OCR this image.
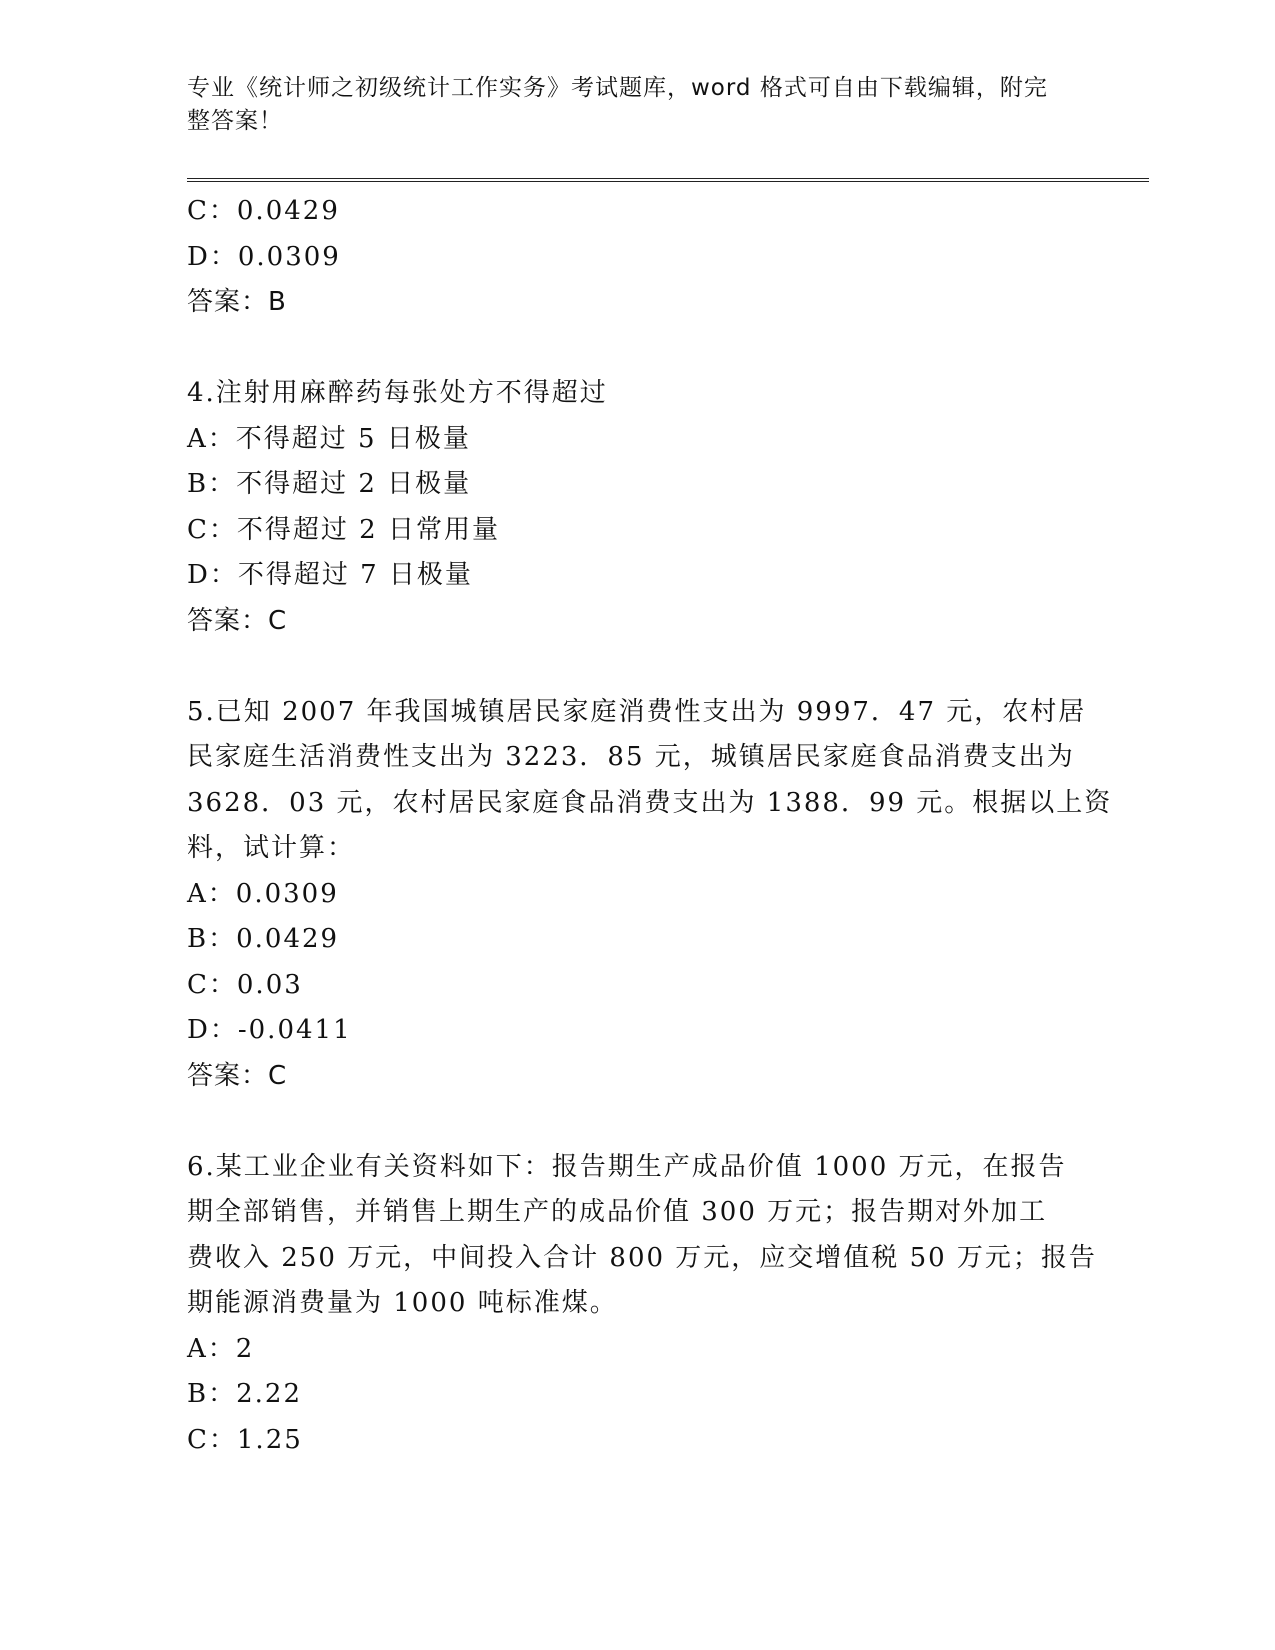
专业《统计师之初级统计工作实务》考试题库，word 格式可自由下载编辑，附完
整答案！
C：0.0429
D：0.0309
答案：B
4.注射用麻醉药每张处方不得超过
A：不得超过 5 日极量
B：不得超过 2 日极量
C：不得超过 2 日常用量
D：不得超过 7 日极量
答案：C
5.已知 2007 年我国城镇居民家庭消费性支出为 9997．47 元，农村居
民家庭生活消费性支出为 3223．85 元，城镇居民家庭食品消费支出为
3628．03 元，农村居民家庭食品消费支出为 1388．99 元。根据以上资
料，试计算：
A：0.0309
B：0.0429
C：0.03
D：-0.0411
答案：C
6.某工业企业有关资料如下：报告期生产成品价值 1000 万元，在报告
期全部销售，并销售上期生产的成品价值 300 万元；报告期对外加工
费收入 250 万元，中间投入合计 800 万元，应交增值税 50 万元；报告
期能源消费量为 1000 吨标准煤。
A：2
B：2.22
C：1.25
